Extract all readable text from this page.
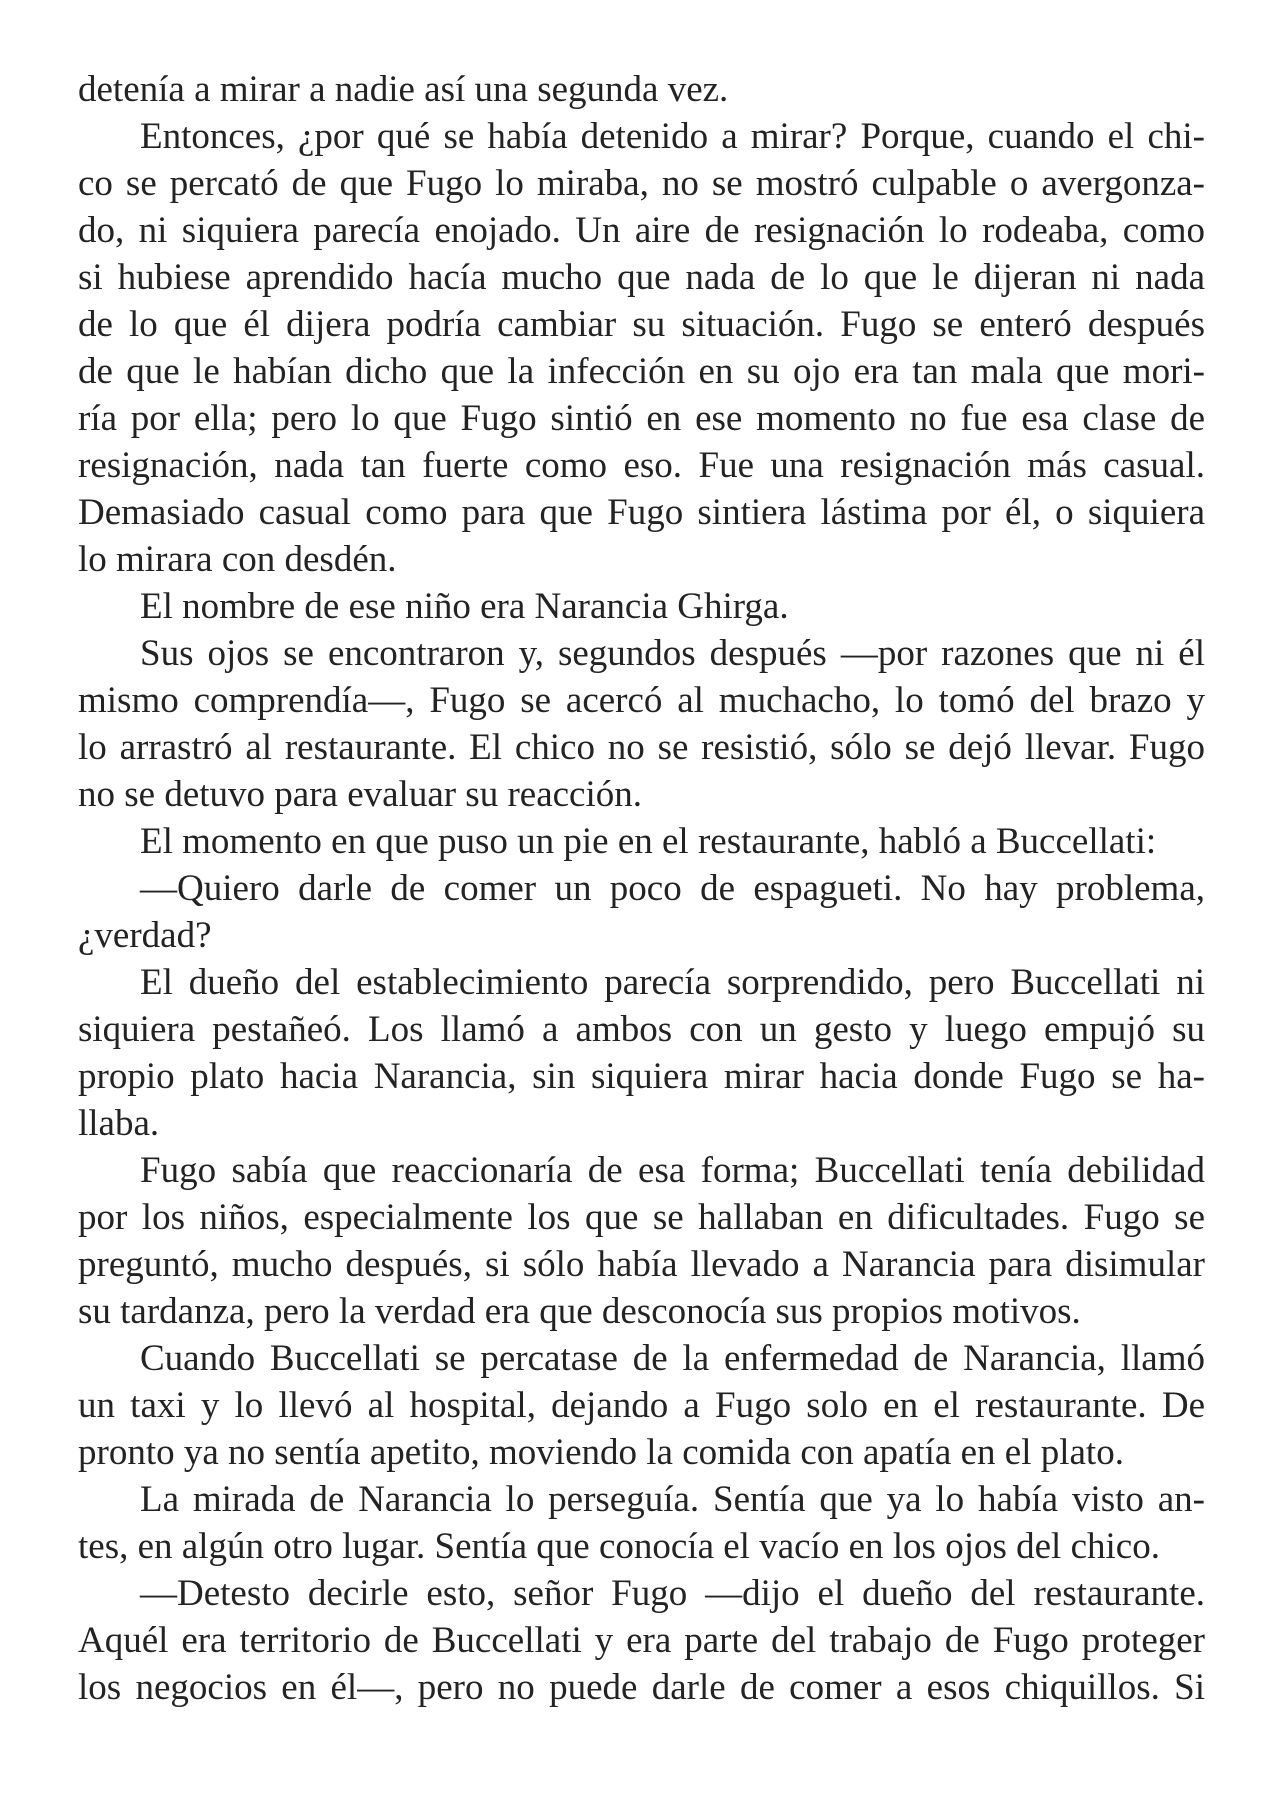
detenía a mirar a nadie así una segunda vez.
Entonces, ¿por qué se había detenido a mirar? Porque, cuando el chi-
co se percató de que Fugo lo miraba, no se mostró culpable o avergonza-
do, ni siquiera parecía enojado. Un aire de resignación lo rodeaba, como
si hubiese aprendido hacía mucho que nada de lo que le dijeran ni nada
de lo que él dijera podría cambiar su situación. Fugo se enteró después
de que le habían dicho que la infección en su ojo era tan mala que mori-
ría por ella; pero lo que Fugo sintió en ese momento no fue esa clase de
resignación, nada tan fuerte como eso. Fue una resignación más casual.
Demasiado casual como para que Fugo sintiera lástima por él, o siquiera
lo mirara con desdén.
El nombre de ese niño era Narancia Ghirga.
Sus ojos se encontraron y, segundos después —por razones que ni él
mismo comprendía—, Fugo se acercó al muchacho, lo tomó del brazo y
lo arrastró al restaurante. El chico no se resistió, sólo se dejó llevar. Fugo
no se detuvo para evaluar su reacción.
El momento en que puso un pie en el restaurante, habló a Buccellati:
—Quiero darle de comer un poco de espagueti. No hay problema,
¿verdad?
El dueño del establecimiento parecía sorprendido, pero Buccellati ni
siquiera pestañeó. Los llamó a ambos con un gesto y luego empujó su
propio plato hacia Narancia, sin siquiera mirar hacia donde Fugo se ha-
llaba.
Fugo sabía que reaccionaría de esa forma; Buccellati tenía debilidad
por los niños, especialmente los que se hallaban en dificultades. Fugo se
preguntó, mucho después, si sólo había llevado a Narancia para disimular
su tardanza, pero la verdad era que desconocía sus propios motivos.
Cuando Buccellati se percatase de la enfermedad de Narancia, llamó
un taxi y lo llevó al hospital, dejando a Fugo solo en el restaurante. De
pronto ya no sentía apetito, moviendo la comida con apatía en el plato.
La mirada de Narancia lo perseguía. Sentía que ya lo había visto an-
tes, en algún otro lugar. Sentía que conocía el vacío en los ojos del chico.
—Detesto decirle esto, señor Fugo —dijo el dueño del restaurante.
Aquél era territorio de Buccellati y era parte del trabajo de Fugo proteger
los negocios en él—, pero no puede darle de comer a esos chiquillos. Si
